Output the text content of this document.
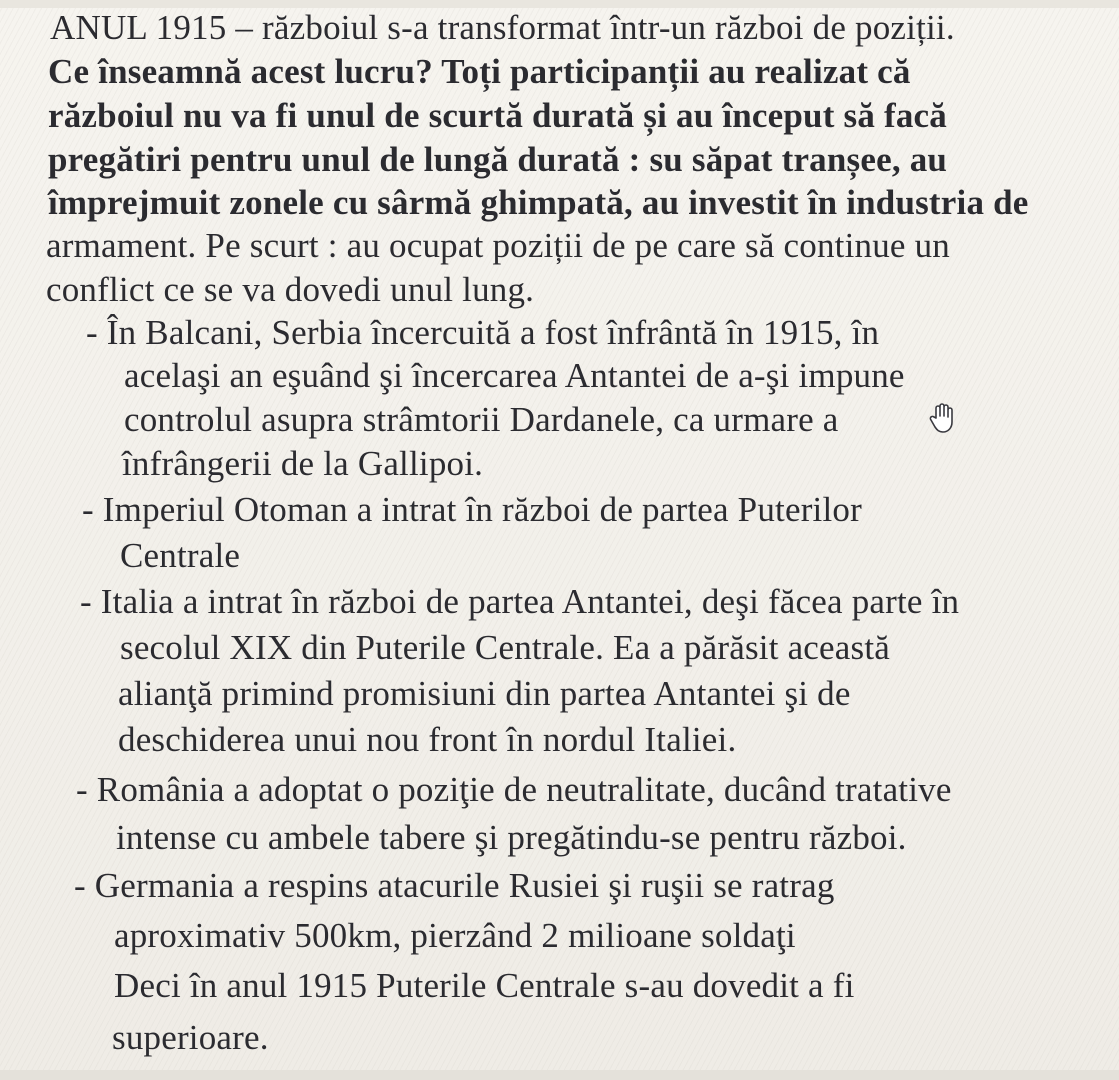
ANUL 1915 – războiul s-a transformat într-un război de poziții.
Ce înseamnă acest lucru? Toți participanții au realizat că
războiul nu va fi unul de scurtă durată și au început să facă
pregătiri pentru unul de lungă durată : su săpat tranșee, au
împrejmuit zonele cu sârmă ghimpată, au investit în industria de
armament. Pe scurt : au ocupat poziții de pe care să continue un
conflict ce se va dovedi unul lung.
- În Balcani, Serbia încercuită a fost înfrântă în 1915, în
acelaşi an eşuând şi încercarea Antantei de a-şi impune
controlul asupra strâmtorii Dardanele, ca urmare a
înfrângerii de la Gallipoi.
- Imperiul Otoman a intrat în război de partea Puterilor
Centrale
- Italia a intrat în război de partea Antantei, deşi făcea parte în
secolul XIX din Puterile Centrale. Ea a părăsit această
alianţă primind promisiuni din partea Antantei şi de
deschiderea unui nou front în nordul Italiei.
- România a adoptat o poziţie de neutralitate, ducând tratative
intense cu ambele tabere şi pregătindu-se pentru război.
- Germania a respins atacurile Rusiei şi ruşii se ratrag
aproximativ 500km, pierzând 2 milioane soldaţi
Deci în anul 1915 Puterile Centrale s-au dovedit a fi
superioare.
